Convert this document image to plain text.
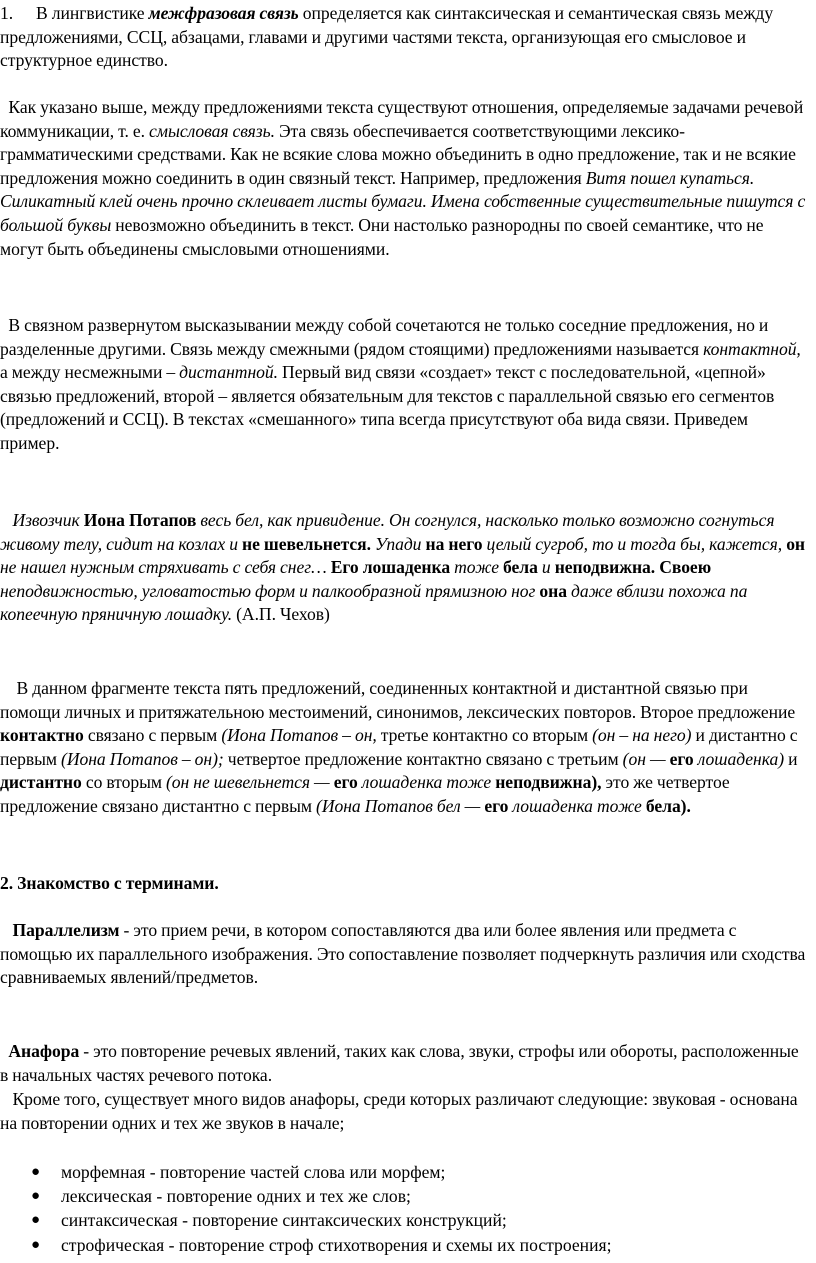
1. В лингвистике межфразовая связь определяется как синтаксическая и семантическая связь между предложениями, ССЦ, абзацами, главами и другими частями текста, организующая его смысловое и структурное единство.

Как указано выше, между предложениями текста существуют отношения, определяемые задачами речевой коммуникации, т. е. смысловая связь. Эта связь обеспечивается соответствующими лексико-грамматическими средствами. Как не всякие слова можно объединить в одно предложение, так и не всякие предложения можно соединить в один связный текст. Например, предложения Витя пошел купаться. Силикатный клей очень прочно склеивает листы бумаги. Имена собственные существительные пишутся с большой буквы невозможно объединить в текст. Они настолько разнородны по своей семантике, что не могут быть объединены смысловыми отношениями.

В связном развернутом высказывании между собой сочетаются не только соседние предложения, но и разделенные другими. Связь между смежными (рядом стоящими) предложениями называется контактной, а между несмежными – дистантной. Первый вид связи «создает» текст с последовательной, «цепной» связью предложений, второй – является обязательным для текстов с параллельной связью его сегментов (предложений и ССЦ). В текстах «смешанного» типа всегда присутствуют оба вида связи. Приведем пример.

Извозчик Иона Потапов весь бел, как привидение. Он согнулся, насколько только возможно согнуться живому телу, сидит на козлах и не шевельнется. Упади на него целый сугроб, то и тогда бы, кажется, он не нашел нужным стряхивать с себя снег… Его лошаденка тоже бела и неподвижна. Своею неподвижностью, угловатостью форм и палкообразной прямизною ног она даже вблизи похожа па копеечную пряничную лошадку. (А.П. Чехов)

В данном фрагменте текста пять предложений, соединенных контактной и дистантной связью при помощи личных и притяжательною местоимений, синонимов, лексических повторов. Второе предложение контактно связано с первым (Иона Потапов – он, третье контактно со вторым (он – на него) и дистантно с первым (Иона Потапов – он); четвертое предложение контактно связано с третьим (он — его лошаденка) и дистантно со вторым (он не шевельнется — его лошаденка тоже неподвижна), это же четвертое предложение связано дистантно с первым (Иона Потапов бел — его лошаденка тоже бела).

2. Знакомство с терминами.

Параллелизм - это прием речи, в котором сопоставляются два или более явления или предмета с помощью их параллельного изображения. Это сопоставление позволяет подчеркнуть различия или сходства сравниваемых явлений/предметов.

Анафора - это повторение речевых явлений, таких как слова, звуки, строфы или обороты, расположенные в начальных частях речевого потока.

Кроме того, существует много видов анафоры, среди которых различают следующие: звуковая - основана на повторении одних и тех же звуков в начале;

● морфемная - повторение частей слова или морфем;
● лексическая - повторение одних и тех же слов;
● синтаксическая - повторение синтаксических конструкций;
● строфическая - повторение строф стихотворения и схемы их построения;
